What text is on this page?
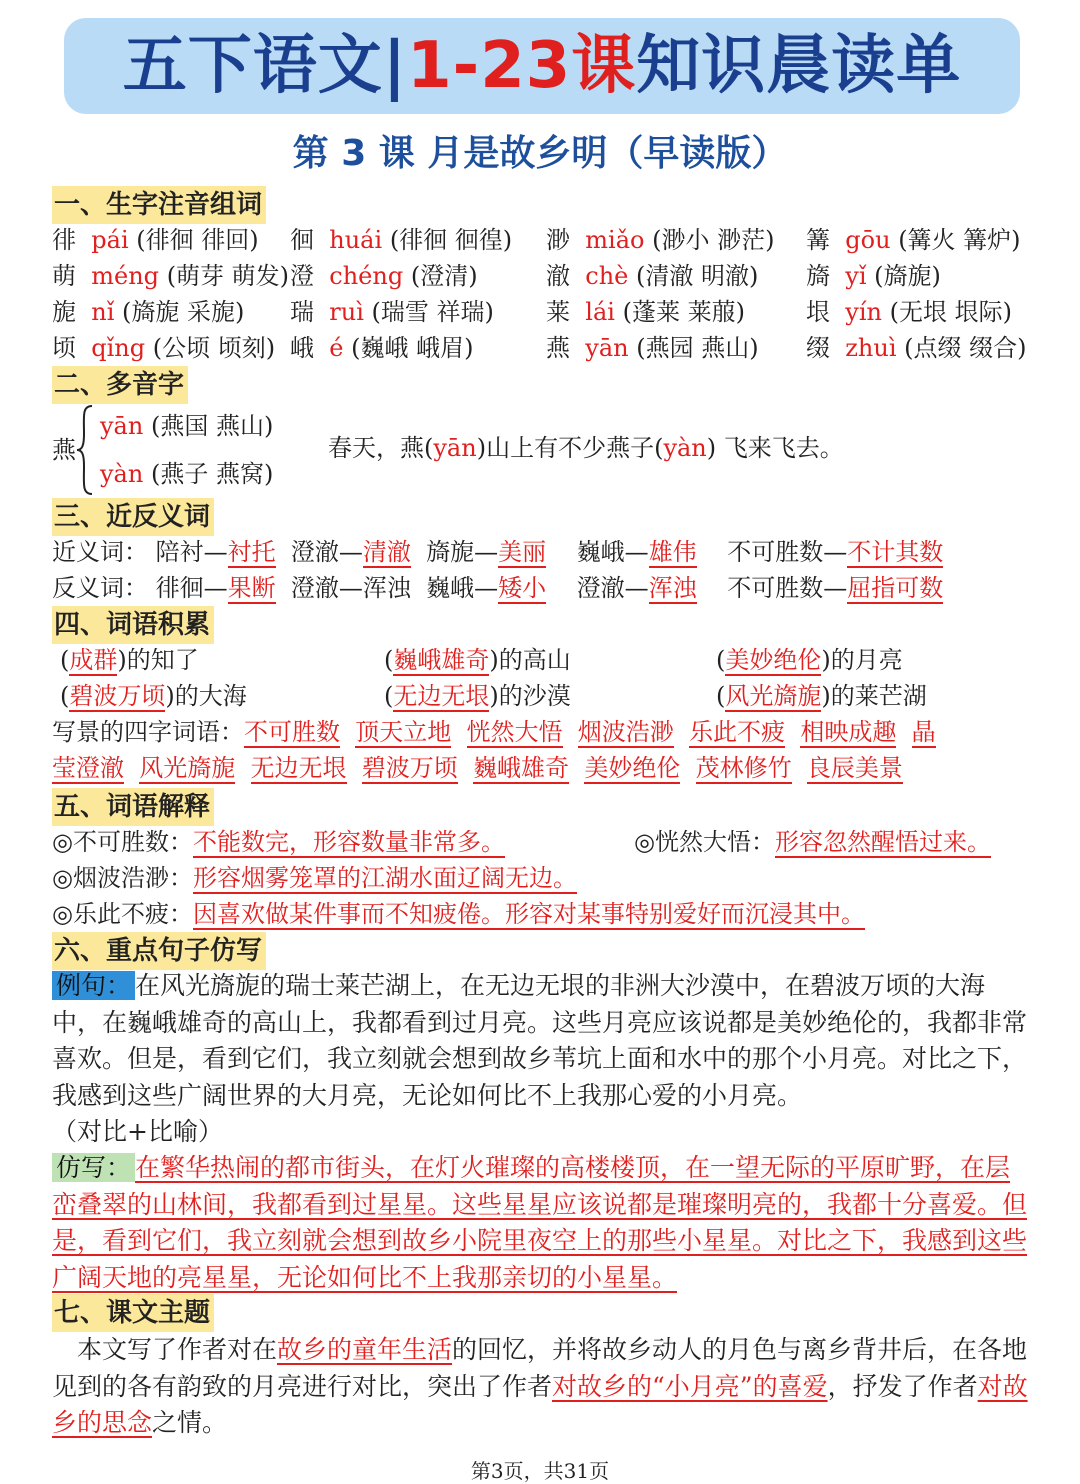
五下语文|1-23课知识晨读单
第 3 课 月是故乡明（早读版）
一、生字注音组词
徘 pái (徘徊 徘回) 徊 huái (徘徊 徊徨) 渺 miǎo (渺小 渺茫) 篝 gōu (篝火 篝炉)
萌 méng (萌芽 萌发) 澄 chéng (澄清)	澈 chè (清澈 明澈) 旖 yǐ (旖旎)
旎 nǐ (旖旎 采旎) 瑞 ruì (瑞雪 祥瑞) 莱 lái (蓬莱 莱菔)	垠 yín (无垠 垠际)
顷 qǐng (公顷 顷刻) 峨 é (巍峨 峨眉)	燕 yān (燕园 燕山) 缀 zhuì (点缀 缀合)
二、多音字
燕
yān (燕国 燕山)
yàn (燕子 燕窝)
春天，燕(yān)山上有不少燕子(yàn) 飞来飞去。
三、近反义词
近义词： 陪衬—衬托 澄澈—清澈 旖旎—美丽 巍峨—雄伟 不可胜数—不计其数
反义词： 徘徊—果断 澄澈—浑浊 巍峨—矮小 澄澈—浑浊 不可胜数—屈指可数
四、词语积累
(成群)的知了	(巍峨雄奇)的高山	(美妙绝伦)的月亮
(碧波万顷)的大海	(无边无垠)的沙漠	(风光旖旎)的莱芒湖
写景的四字词语：不可胜数 顶天立地 恍然大悟 烟波浩渺 乐此不疲 相映成趣 晶
莹澄澈 风光旖旎 无边无垠 碧波万顷 巍峨雄奇 美妙绝伦 茂林修竹 良辰美景
五、词语解释
◎不可胜数：不能数完，形容数量非常多。	◎恍然大悟：形容忽然醒悟过来。
◎烟波浩渺：形容烟雾笼罩的江湖水面辽阔无边。
◎乐此不疲：因喜欢做某件事而不知疲倦。形容对某事特别爱好而沉浸其中。
六、重点句子仿写
例句： 在风光旖旎的瑞士莱芒湖上，在无边无垠的非洲大沙漠中，在碧波万顷的大海中，在巍峨雄奇的高山上，我都看到过月亮。这些月亮应该说都是美妙绝伦的，我都非常喜欢。但是，看到它们，我立刻就会想到故乡苇坑上面和水中的那个小月亮。对比之下，我感到这些广阔世界的大月亮，无论如何比不上我那心爱的小月亮。
（对比+比喻）
仿写： 在繁华热闹的都市街头，在灯火璀璨的高楼楼顶，在一望无际的平原旷野，在层峦叠翠的山林间，我都看到过星星。这些星星应该说都是璀璨明亮的，我都十分喜爱。但是，看到它们，我立刻就会想到故乡小院里夜空上的那些小星星。对比之下，我感到这些广阔天地的亮星星，无论如何比不上我那亲切的小星星。
七、课文主题
本文写了作者对在故乡的童年生活的回忆，并将故乡动人的月色与离乡背井后，在各地见到的各有韵致的月亮进行对比，突出了作者对故乡的“小月亮”的喜爱，抒发了作者对故乡的思念之情。
第3页，共31页
